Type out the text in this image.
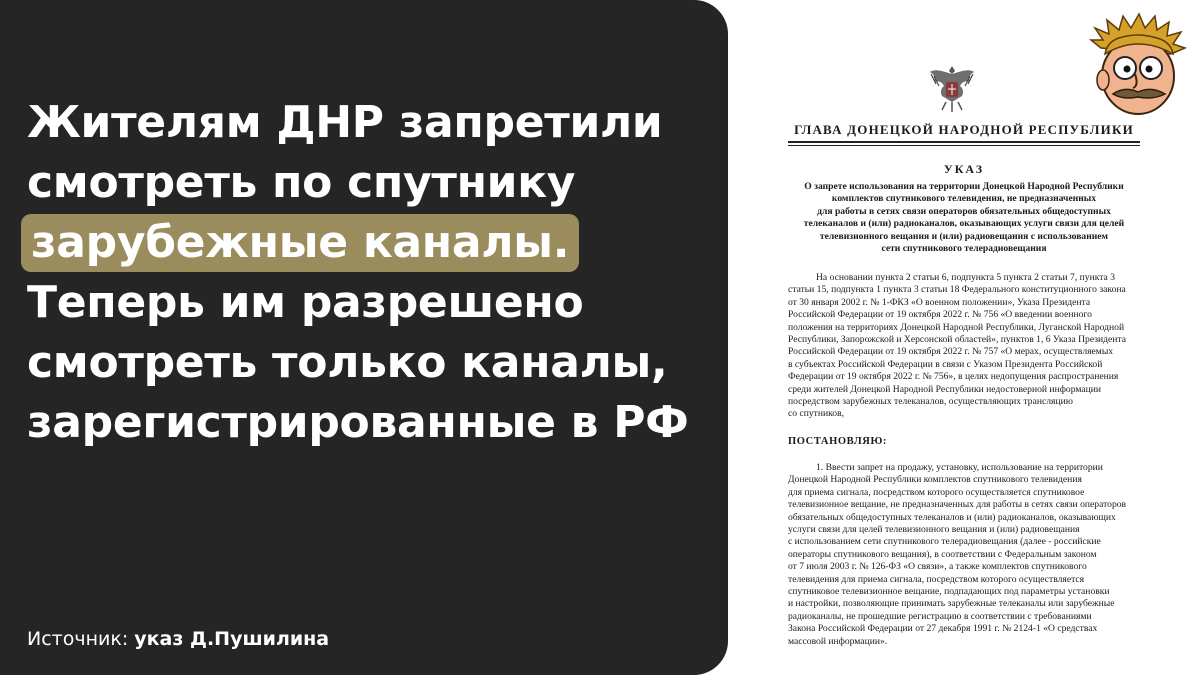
Жителям ДНР запретили
смотреть по спутнику
зарубежные каналы.
Теперь им разрешено
смотреть только каналы,
зарегистрированные в РФ
Источник: указ Д.Пушилина
ГЛАВА ДОНЕЦКОЙ НАРОДНОЙ РЕСПУБЛИКИ
УКАЗ
О запрете использования на территории Донецкой Народной Республики
комплектов спутникового телевидения, не предназначенных
для работы в сетях связи операторов обязательных общедоступных
телеканалов и (или) радиоканалов, оказывающих услуги связи для целей
телевизионного вещания и (или) радиовещания с использованием
сети спутникового телерадиовещания
На основании пункта 2 статьи 6, подпункта 5 пункта 2 статьи 7, пункта 3
статьи 15, подпункта 1 пункта 3 статьи 18 Федерального конституционного закона
от 30 января 2002 г. № 1-ФКЗ «О военном положении», Указа Президента
Российской Федерации от 19 октября 2022 г. № 756 «О введении военного
положения на территориях Донецкой Народной Республики, Луганской Народной
Республики, Запорожской и Херсонской областей», пунктов 1, 6 Указа Президента
Российской Федерации от 19 октября 2022 г. № 757 «О мерах, осуществляемых
в субъектах Российской Федерации в связи с Указом Президента Российской
Федерации от 19 октября 2022 г. № 756», в целях недопущения распространения
среди жителей Донецкой Народной Республики недостоверной информации
посредством зарубежных телеканалов, осуществляющих трансляцию
со спутников,
ПОСТАНОВЛЯЮ:
1. Ввести запрет на продажу, установку, использование на территории
Донецкой Народной Республики комплектов спутникового телевидения
для приема сигнала, посредством которого осуществляется спутниковое
телевизионное вещание, не предназначенных для работы в сетях связи операторов
обязательных общедоступных телеканалов и (или) радиоканалов, оказывающих
услуги связи для целей телевизионного вещания и (или) радиовещания
с использованием сети спутникового телерадиовещания (далее - российские
операторы спутникового вещания), в соответствии с Федеральным законом
от 7 июля 2003 г. № 126-ФЗ «О связи», а также комплектов спутникового
телевидения для приема сигнала, посредством которого осуществляется
спутниковое телевизионное вещание, подпадающих под параметры установки
и настройки, позволяющие принимать зарубежные телеканалы или зарубежные
радиоканалы, не прошедшие регистрацию в соответствии с требованиями
Закона Российской Федерации от 27 декабря 1991 г. № 2124-1 «О средствах
массовой информации».
